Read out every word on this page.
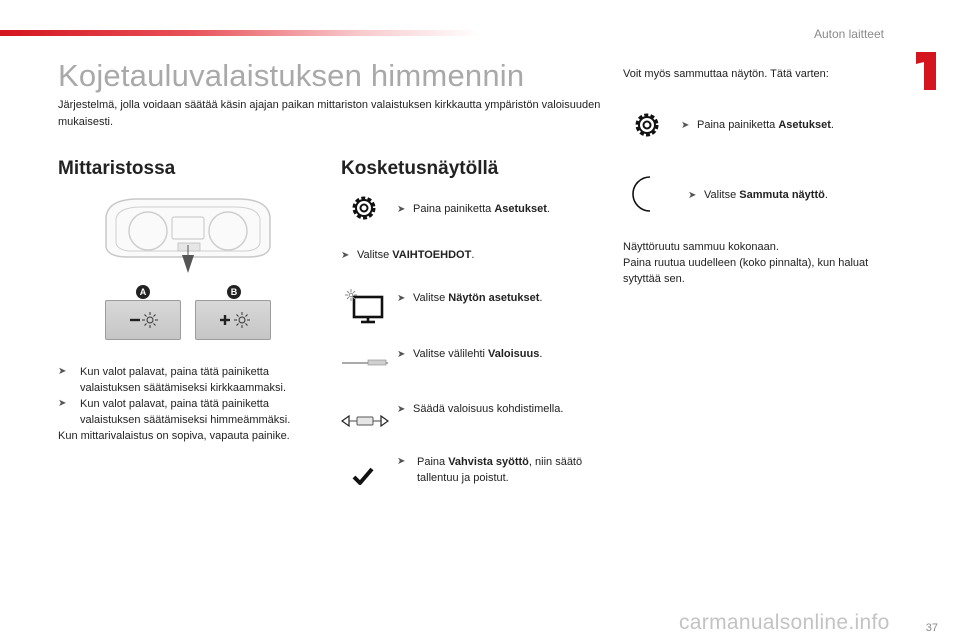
Auton laitteet
Kojetauluvalaistuksen himmennin
Järjestelmä, jolla voidaan säätää käsin ajajan paikan mittariston valaistuksen kirkkautta ympäristön valoisuuden mukaisesti.
Mittaristossa
A	B
➤	Kun valot palavat, paina tätä painiketta valaistuksen säätämiseksi kirkkaammaksi.
➤	Kun valot palavat, paina tätä painiketta valaistuksen säätämiseksi himmeämmäksi.
Kun mittarivalaistus on sopiva, vapauta painike.
Kosketusnäytöllä
➤ Paina painiketta Asetukset.
➤ Valitse VAIHTOEHDOT.
➤ Valitse Näytön asetukset.
➤ Valitse välilehti Valoisuus.
➤ Säädä valoisuus kohdistimella.
➤	Paina Vahvista syöttö, niin säätö tallentuu ja poistut.
Voit myös sammuttaa näytön. Tätä varten:
➤ Paina painiketta Asetukset.
➤ Valitse Sammuta näyttö.
Näyttöruutu sammuu kokonaan.
Paina ruutua uudelleen (koko pinnalta), kun haluat sytyttää sen.
carmanualsonline.info	37
